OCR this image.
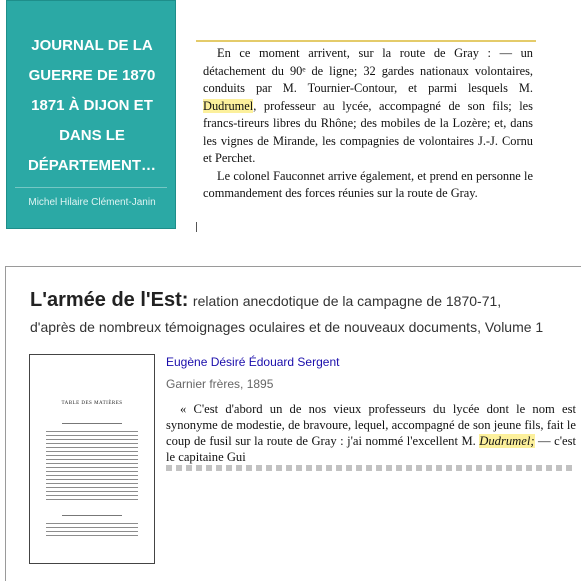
JOURNAL DE LA
GUERRE DE 1870
1871 À DIJON ET
DANS LE
DÉPARTEMENT…
Michel Hilaire Clément-Janin

En ce moment arrivent, sur la route de Gray : — un détachement du 90ᵉ de ligne; 32 gardes nationaux volontaires, conduits par M. Tournier-Contour, et parmi lesquels M. Dudrumel, professeur au lycée, accompagné de son fils; les francs-tireurs libres du Rhône; des mobiles de la Lozère; et, dans les vignes de Mirande, les compagnies de volontaires J.-J. Cornu et Perchet.

Le colonel Fauconnet arrive également, et prend en personne le commandement des forces réunies sur la route de Gray.

L'armée de l'Est: relation anecdotique de la campagne de 1870-71,
d'après de nombreux témoignages oculaires et de nouveaux documents, Volume 1
TABLE DES MATIÈRES
Eugène Désiré Édouard Sergent
Garnier frères, 1895

« C'est d'abord un de nos vieux professeurs du lycée dont le nom est synonyme de modestie, de bravoure, lequel, accompagné de son jeune fils, fait le coup de fusil sur la route de Gray : j'ai nommé l'excellent M. Dudrumel; — c'est le capitaine Gui
